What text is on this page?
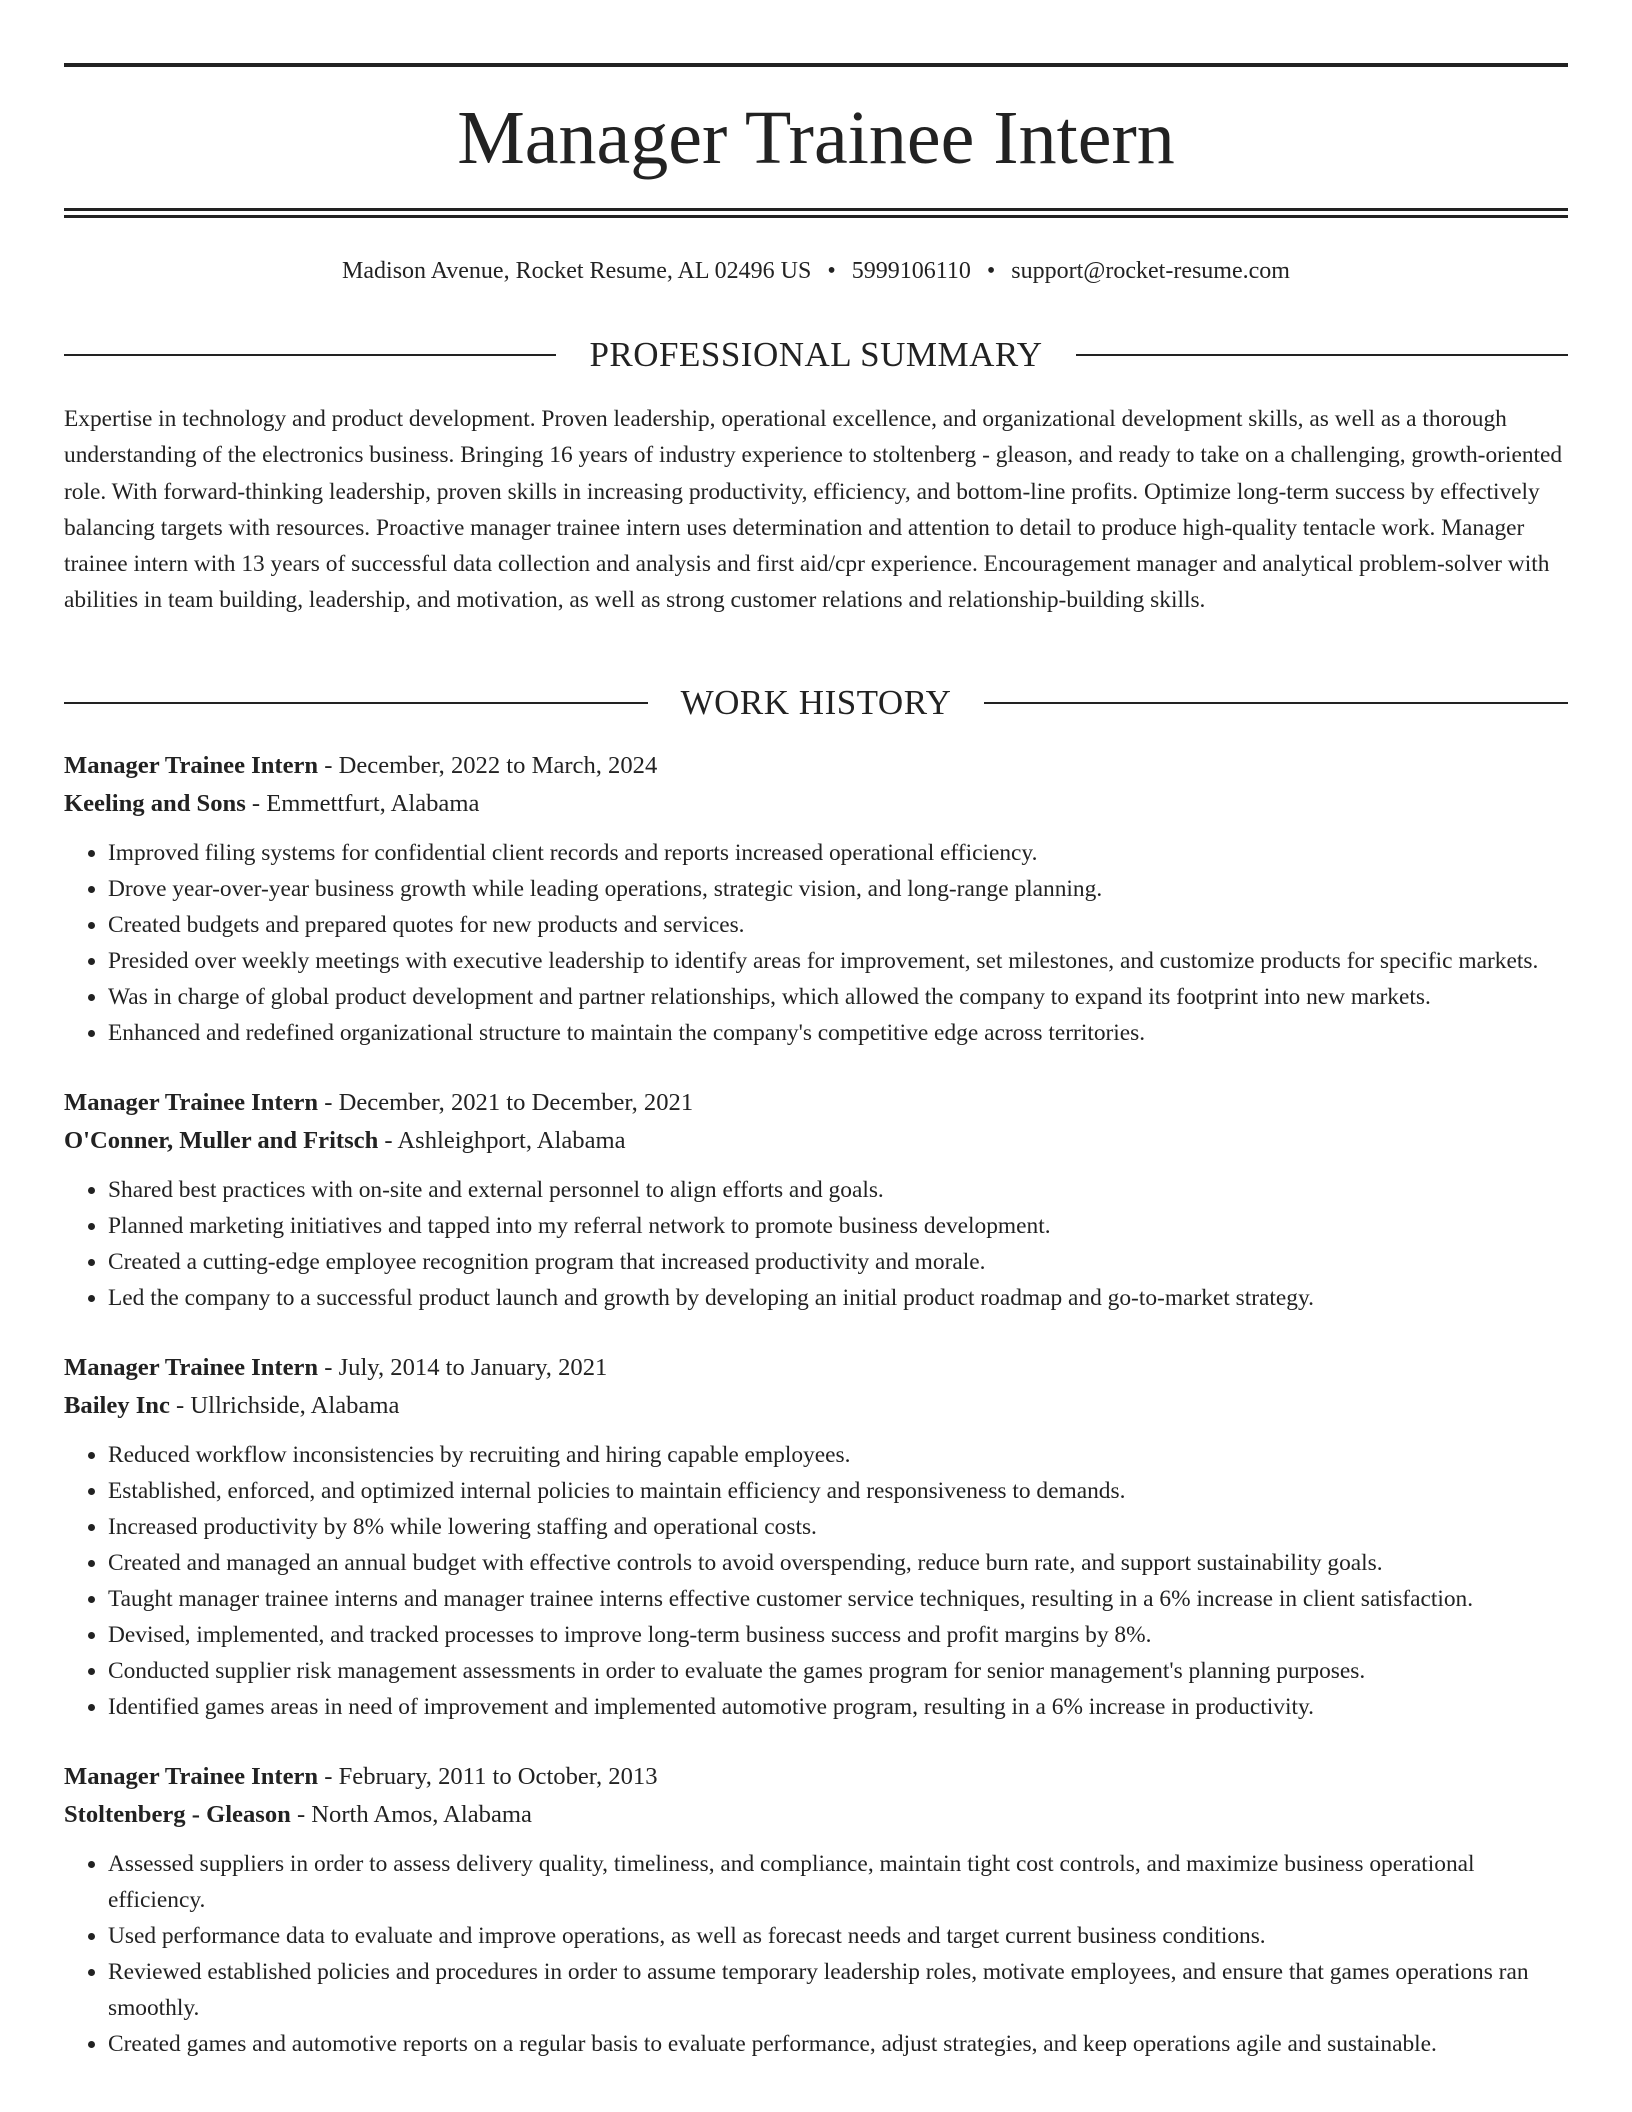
Manager Trainee Intern
Madison Avenue, Rocket Resume, AL 02496 US • 5999106110 • support@rocket-resume.com
PROFESSIONAL SUMMARY

Expertise in technology and product development. Proven leadership, operational excellence, and organizational development skills, as well as a thorough understanding of the electronics business. Bringing 16 years of industry experience to stoltenberg - gleason, and ready to take on a challenging, growth-oriented role. With forward-thinking leadership, proven skills in increasing productivity, efficiency, and bottom-line profits. Optimize long-term success by effectively balancing targets with resources. Proactive manager trainee intern uses determination and attention to detail to produce high-quality tentacle work. Manager trainee intern with 13 years of successful data collection and analysis and first aid/cpr experience. Encouragement manager and analytical problem-solver with abilities in team building, leadership, and motivation, as well as strong customer relations and relationship-building skills.

WORK HISTORY
Manager Trainee Intern - December, 2022 to March, 2024
Keeling and Sons - Emmettfurt, Alabama
• Improved filing systems for confidential client records and reports increased operational efficiency.
• Drove year-over-year business growth while leading operations, strategic vision, and long-range planning.
• Created budgets and prepared quotes for new products and services.
• Presided over weekly meetings with executive leadership to identify areas for improvement, set milestones, and customize products for specific markets.
• Was in charge of global product development and partner relationships, which allowed the company to expand its footprint into new markets.
• Enhanced and redefined organizational structure to maintain the company's competitive edge across territories.
Manager Trainee Intern - December, 2021 to December, 2021
O'Conner, Muller and Fritsch - Ashleighport, Alabama
• Shared best practices with on-site and external personnel to align efforts and goals.
• Planned marketing initiatives and tapped into my referral network to promote business development.
• Created a cutting-edge employee recognition program that increased productivity and morale.
• Led the company to a successful product launch and growth by developing an initial product roadmap and go-to-market strategy.
Manager Trainee Intern - July, 2014 to January, 2021
Bailey Inc - Ullrichside, Alabama
• Reduced workflow inconsistencies by recruiting and hiring capable employees.
• Established, enforced, and optimized internal policies to maintain efficiency and responsiveness to demands.
• Increased productivity by 8% while lowering staffing and operational costs.
• Created and managed an annual budget with effective controls to avoid overspending, reduce burn rate, and support sustainability goals.
• Taught manager trainee interns and manager trainee interns effective customer service techniques, resulting in a 6% increase in client satisfaction.
• Devised, implemented, and tracked processes to improve long-term business success and profit margins by 8%.
• Conducted supplier risk management assessments in order to evaluate the games program for senior management's planning purposes.
• Identified games areas in need of improvement and implemented automotive program, resulting in a 6% increase in productivity.
Manager Trainee Intern - February, 2011 to October, 2013
Stoltenberg - Gleason - North Amos, Alabama
• Assessed suppliers in order to assess delivery quality, timeliness, and compliance, maintain tight cost controls, and maximize business operational efficiency.
• Used performance data to evaluate and improve operations, as well as forecast needs and target current business conditions.
• Reviewed established policies and procedures in order to assume temporary leadership roles, motivate employees, and ensure that games operations ran smoothly.
• Created games and automotive reports on a regular basis to evaluate performance, adjust strategies, and keep operations agile and sustainable.
